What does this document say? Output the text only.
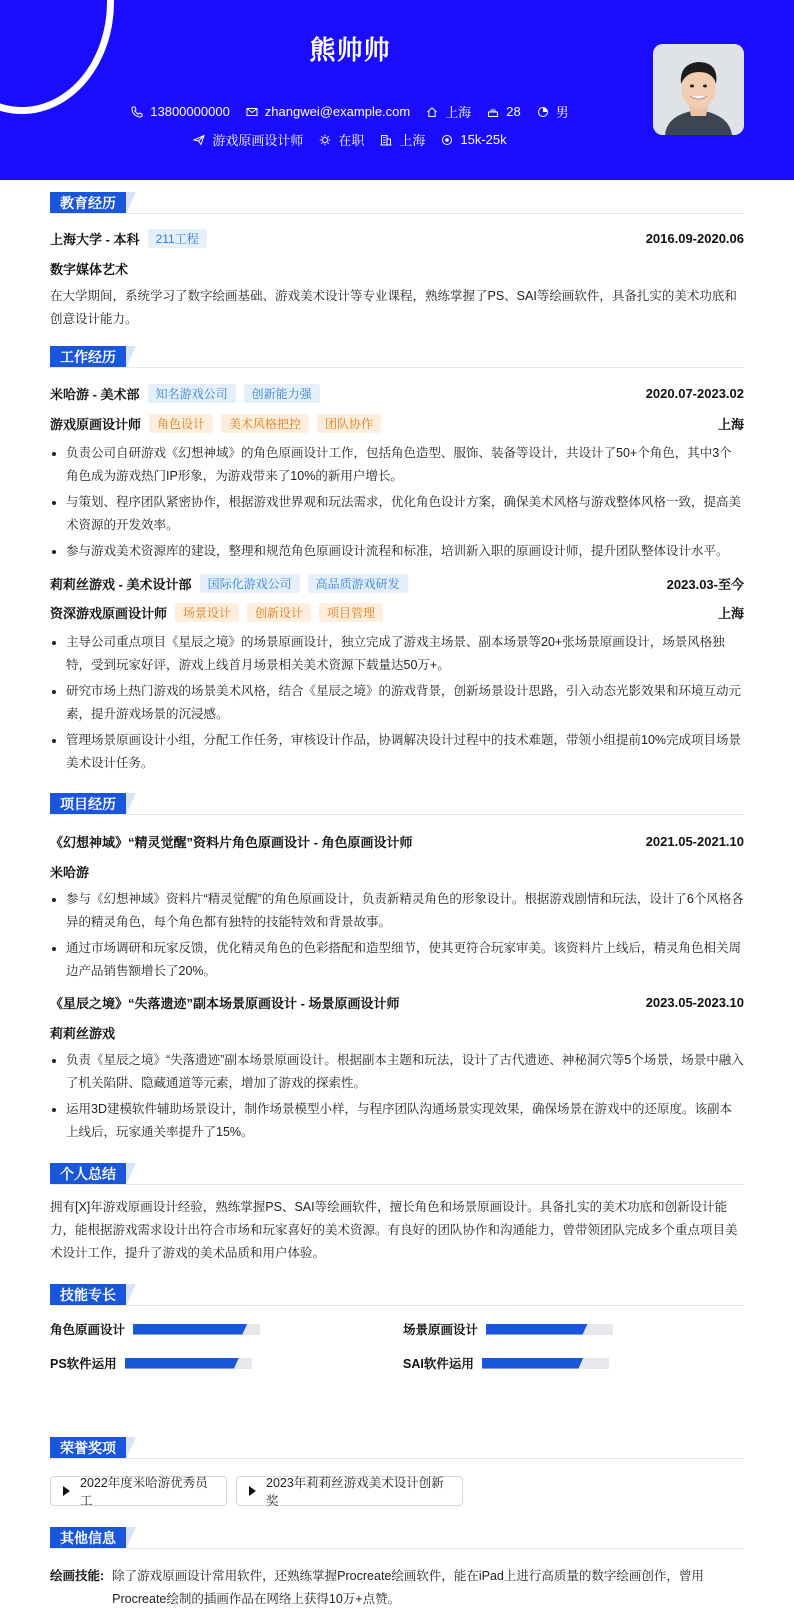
熊帅帅
13800000000	zhangwei@example.com	上海	28	男
游戏原画设计师	在职	上海	15k-25k
教育经历
上海大学 - 本科	211工程	2016.09-2020.06
数字媒体艺术
在大学期间，系统学习了数字绘画基础、游戏美术设计等专业课程，熟练掌握了PS、SAI等绘画软件，具备扎实的美术功底和创意设计能力。
工作经历
米哈游 - 美术部	知名游戏公司	创新能力强	2020.07-2023.02
游戏原画设计师	角色设计	美术风格把控	团队协作	上海
负责公司自研游戏《幻想神域》的角色原画设计工作，包括角色造型、服饰、装备等设计，共设计了50+个角色，其中3个角色成为游戏热门IP形象，为游戏带来了10%的新用户增长。
与策划、程序团队紧密协作，根据游戏世界观和玩法需求，优化角色设计方案，确保美术风格与游戏整体风格一致，提高美术资源的开发效率。
参与游戏美术资源库的建设，整理和规范角色原画设计流程和标准，培训新入职的原画设计师，提升团队整体设计水平。
莉莉丝游戏 - 美术设计部	国际化游戏公司	高品质游戏研发	2023.03-至今
资深游戏原画设计师	场景设计	创新设计	项目管理	上海
主导公司重点项目《星辰之境》的场景原画设计，独立完成了游戏主场景、副本场景等20+张场景原画设计，场景风格独特，受到玩家好评，游戏上线首月场景相关美术资源下载量达50万+。
研究市场上热门游戏的场景美术风格，结合《星辰之境》的游戏背景，创新场景设计思路，引入动态光影效果和环境互动元素，提升游戏场景的沉浸感。
管理场景原画设计小组，分配工作任务，审核设计作品，协调解决设计过程中的技术难题，带领小组提前10%完成项目场景美术设计任务。
项目经历
《幻想神域》“精灵觉醒”资料片角色原画设计 - 角色原画设计师	2021.05-2021.10
米哈游
参与《幻想神域》资料片“精灵觉醒”的角色原画设计，负责新精灵角色的形象设计。根据游戏剧情和玩法，设计了6个风格各异的精灵角色，每个角色都有独特的技能特效和背景故事。
通过市场调研和玩家反馈，优化精灵角色的色彩搭配和造型细节，使其更符合玩家审美。该资料片上线后，精灵角色相关周边产品销售额增长了20%。
《星辰之境》“失落遗迹”副本场景原画设计 - 场景原画设计师	2023.05-2023.10
莉莉丝游戏
负责《星辰之境》“失落遗迹”副本场景原画设计。根据副本主题和玩法，设计了古代遗迹、神秘洞穴等5个场景，场景中融入了机关陷阱、隐藏通道等元素，增加了游戏的探索性。
运用3D建模软件辅助场景设计，制作场景模型小样，与程序团队沟通场景实现效果，确保场景在游戏中的还原度。该副本上线后，玩家通关率提升了15%。
个人总结
拥有[X]年游戏原画设计经验，熟练掌握PS、SAI等绘画软件，擅长角色和场景原画设计。具备扎实的美术功底和创新设计能力，能根据游戏需求设计出符合市场和玩家喜好的美术资源。有良好的团队协作和沟通能力，曾带领团队完成多个重点项目美术设计工作，提升了游戏的美术品质和用户体验。
技能专长
角色原画设计	场景原画设计
PS软件运用	SAI软件运用
荣誉奖项
2022年度米哈游优秀员工
2023年莉莉丝游戏美术设计创新奖
其他信息
绘画技能: 除了游戏原画设计常用软件，还熟练掌握Procreate绘画软件，能在iPad上进行高质量的数字绘画创作，曾用Procreate绘制的插画作品在网络上获得10万+点赞。
